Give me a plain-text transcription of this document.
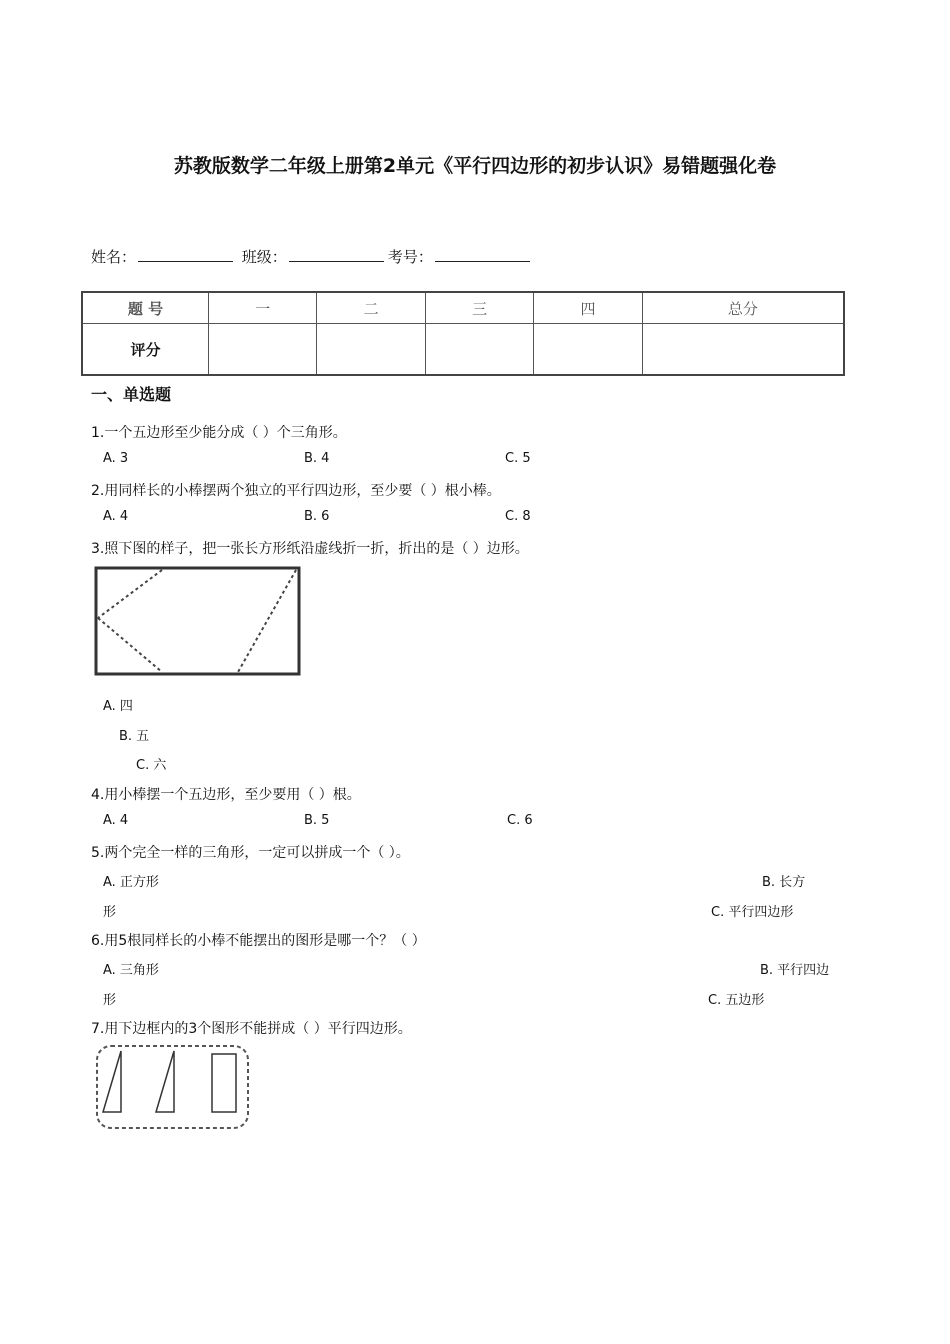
苏教版数学二年级上册第2单元《平行四边形的初步认识》易错题强化卷
姓名：	班级：	考号：
题 号	一	二	三	四	总分
评分					
一、单选题
1.一个五边形至少能分成（ ）个三角形。
A. 3	B. 4	C. 5
2.用同样长的小棒摆两个独立的平行四边形，至少要（ ）根小棒。
A. 4	B. 6	C. 8
3.照下图的样子，把一张长方形纸沿虚线折一折，折出的是（ ）边形。
A. 四
B. 五
C. 六
4.用小棒摆一个五边形，至少要用（ ）根。
A. 4	B. 5	C. 6
5.两个完全一样的三角形，一定可以拼成一个（ ）。
A. 正方形	B. 长方
形	C. 平行四边形
6.用5根同样长的小棒不能摆出的图形是哪一个？（ ）
A. 三角形	B. 平行四边
形	C. 五边形
7.用下边框内的3个图形不能拼成（ ）平行四边形。
